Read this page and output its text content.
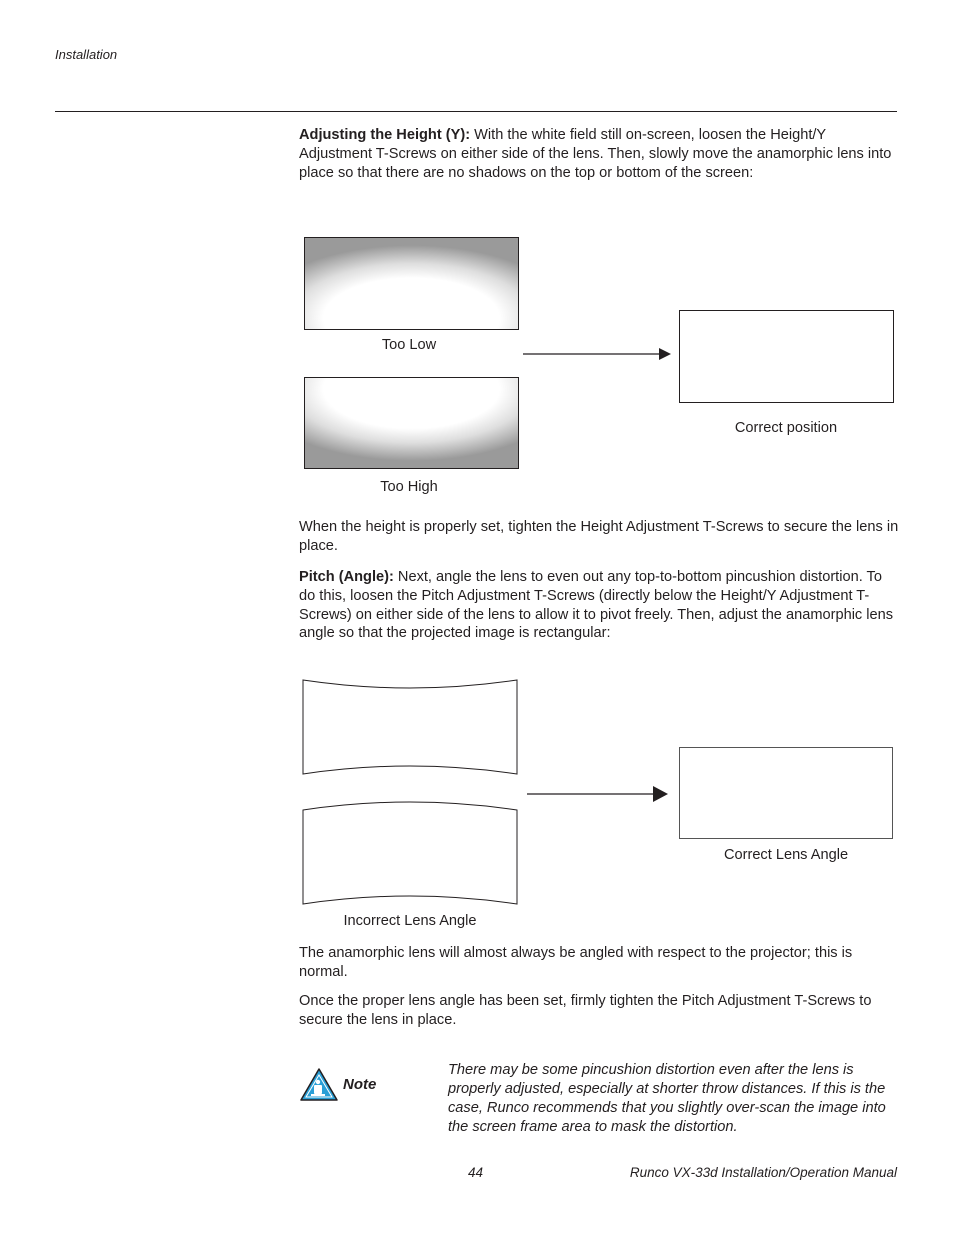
Installation

Adjusting the Height (Y): With the white field still on-screen, loosen the Height/Y Adjustment T-Screws on either side of the lens. Then, slowly move the anamorphic lens into place so that there are no shadows on the top or bottom of the screen:

Too Low
Too High
Correct position

When the height is properly set, tighten the Height Adjustment T-Screws to secure the lens in place.

Pitch (Angle): Next, angle the lens to even out any top-to-bottom pincushion distortion. To do this, loosen the Pitch Adjustment T-Screws (directly below the Height/Y Adjustment T-Screws) on either side of the lens to allow it to pivot freely. Then, adjust the anamorphic lens angle so that the projected image is rectangular:

Incorrect Lens Angle
Correct Lens Angle

The anamorphic lens will almost always be angled with respect to the projector; this is normal.

Once the proper lens angle has been set, firmly tighten the Pitch Adjustment T-Screws to secure the lens in place.

Note

There may be some pincushion distortion even after the lens is properly adjusted, especially at shorter throw distances. If this is the case, Runco recommends that you slightly over-scan the image into the screen frame area to mask the distortion.

44	Runco VX-33d Installation/Operation Manual
